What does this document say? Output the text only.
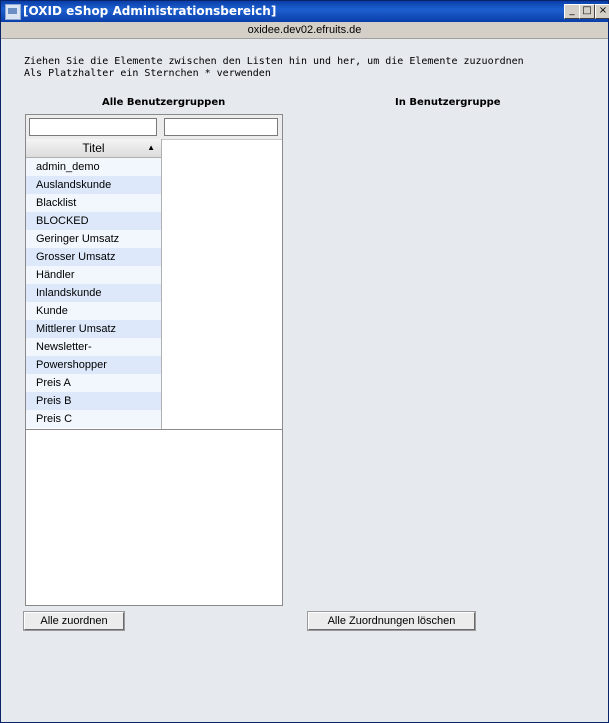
[OXID eShop Administrationsbereich]	_ □ ×
oxidee.dev02.efruits.de
Ziehen Sie die Elemente zwischen den Listen hin und her, um die Elemente zuzuordnen
Als Platzhalter ein Sternchen * verwenden
Alle Benutzergruppen	In Benutzergruppe
Titel	▲
admin_demo
Auslandskunde
Blacklist
BLOCKED
Geringer Umsatz
Grosser Umsatz
Händler
Inlandskunde
Kunde
Mittlerer Umsatz
Newsletter-
Powershopper
Preis A
Preis B
Preis C
Alle zuordnen	Alle Zuordnungen löschen
